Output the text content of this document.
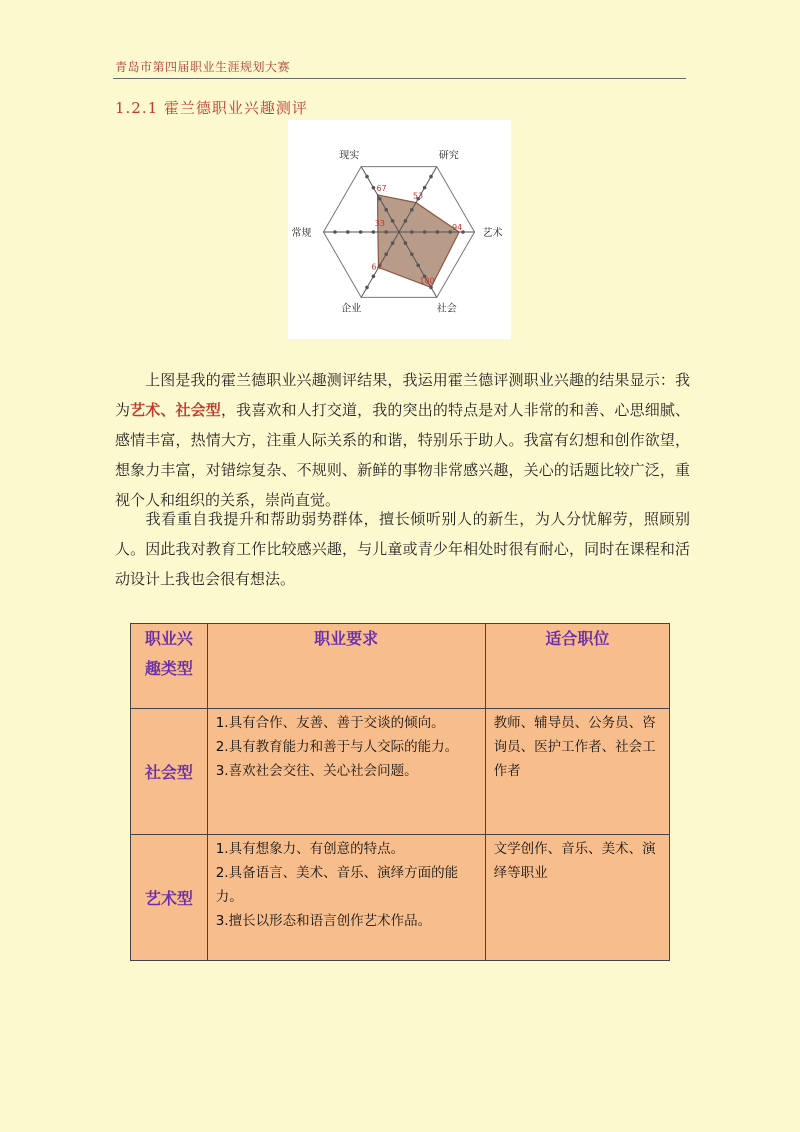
青岛市第四届职业生涯规划大赛
1.2.1 霍兰德职业兴趣测评
现实	研究
艺术
社会
企业
常规
67
53
94
100
64
33
上图是我的霍兰德职业兴趣测评结果，我运用霍兰德评测职业兴趣的结果显示：我为艺术、社会型，我喜欢和人打交道，我的突出的特点是对人非常的和善、心思细腻、感情丰富，热情大方，注重人际关系的和谐，特别乐于助人。我富有幻想和创作欲望，想象力丰富，对错综复杂、不规则、新鲜的事物非常感兴趣，关心的话题比较广泛，重视个人和组织的关系，崇尚直觉。
我看重自我提升和帮助弱势群体，擅长倾听别人的新生，为人分忧解劳，照顾别人。因此我对教育工作比较感兴趣，与儿童或青少年相处时很有耐心，同时在课程和活动设计上我也会很有想法。
职业兴
趣类型	职业要求	适合职位
社会型	1.具有合作、友善、善于交谈的倾向。
2.具有教育能力和善于与人交际的能力。
3.喜欢社会交往、关心社会问题。	教师、辅导员、公务员、咨询员、医护工作者、社会工作者
艺术型	1.具有想象力、有创意的特点。
2.具备语言、美术、音乐、演绎方面的能力。
3.擅长以形态和语言创作艺术作品。	文学创作、音乐、美术、演绎等职业
